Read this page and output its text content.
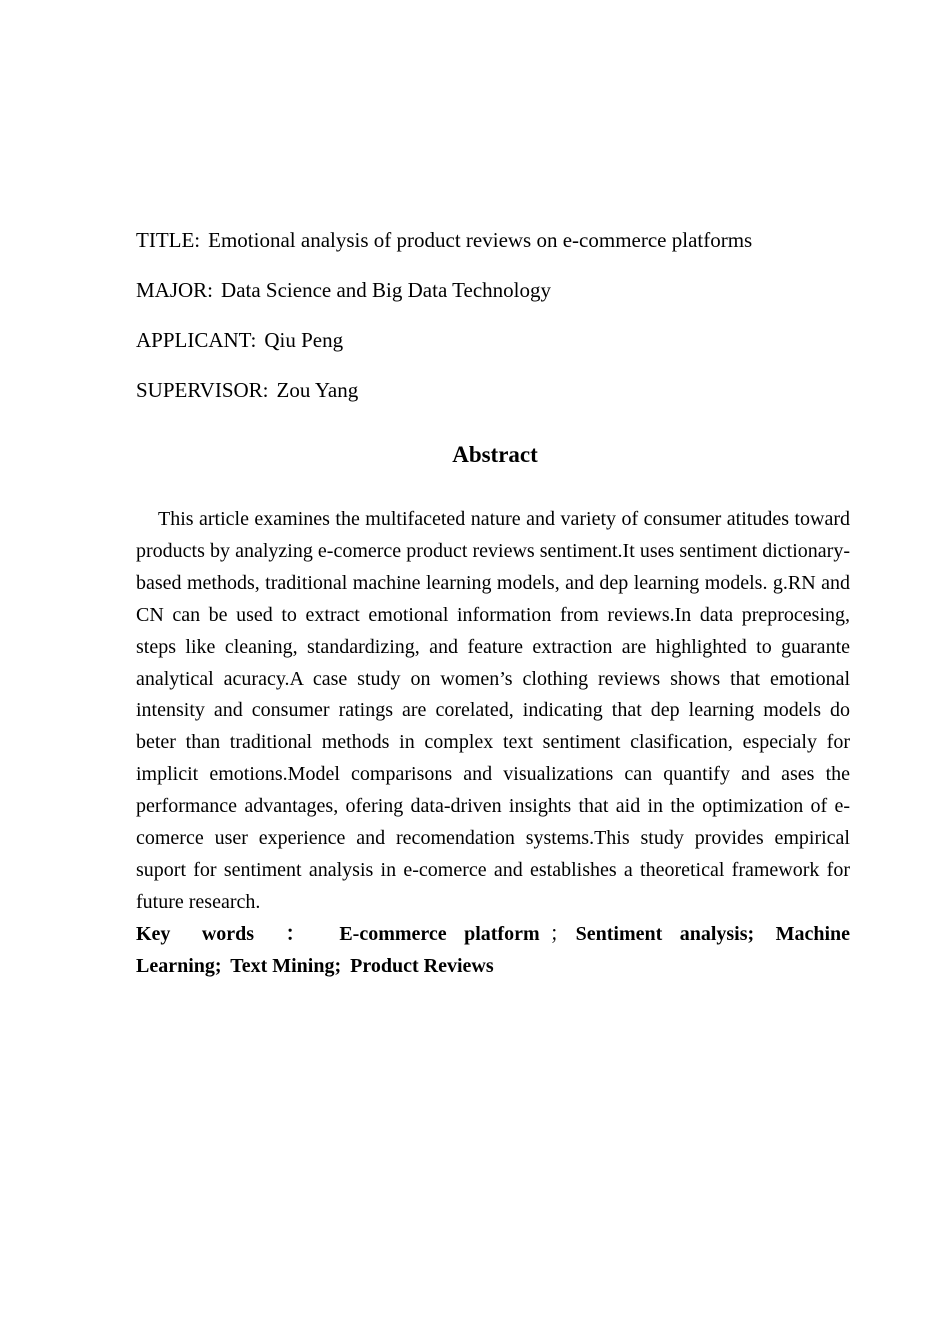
TITLE: Emotional analysis of product reviews on e-commerce platforms

MAJOR: Data Science and Big Data Technology

APPLICANT: Qiu Peng

SUPERVISOR: Zou Yang

Abstract

This article examines the multifaceted nature and variety of consumer atitudes toward products by analyzing e-comerce product reviews sentiment.It uses sentiment dictionary-based methods, traditional machine learning models, and dep learning models. g.RN and CN can be used to extract emotional information from reviews.In data preprocesing, steps like cleaning, standardizing, and feature extraction are highlighted to guarante analytical acuracy.A case study on women’s clothing reviews shows that emotional intensity and consumer ratings are corelated, indicating that dep learning models do beter than traditional methods in complex text sentiment clasification, especialy for implicit emotions.Model comparisons and visualizations can quantify and ases the performance advantages, ofering data-driven insights that aid in the optimization of e-comerce user experience and recomendation systems.This study provides empirical suport for sentiment analysis in e-comerce and establishes a theoretical framework for future research.

Key words ： E-commerce platform ； Sentiment analysis; Machine Learning; Text Mining; Product Reviews
